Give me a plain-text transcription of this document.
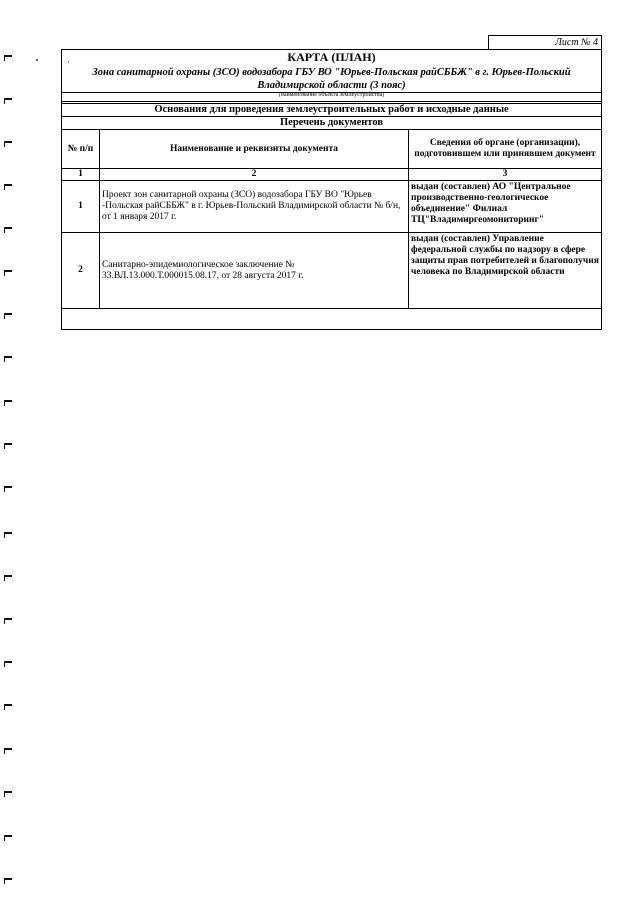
Лист № 4
·	КАРТА (ПЛАН)
Зона санитарной охраны (ЗСО) водозабора ГБУ ВО "Юрьев-Польская райСББЖ" в г. Юрьев-Польский Владимирской области (3 пояс)
(наименование объекта землеустройства)
Основания для проведения землеустроительных работ и исходные данные
Перечень документов
№ п/п	Наименование и реквизиты документа	Сведения об органе (организации), подготовившем или принявшем документ
1	2	3
1	Проект зон санитарной охраны (ЗСО) водозабора ГБУ ВО "Юрьев -Польская райСББЖ" в г. Юрьев-Польский Владимирской области № б/н, от 1 января 2017 г.	выдан (составлен) АО "Центральное производственно-геологическое объединение" Филиал ТЦ"Владимиргеомониторинг"
2	Санитарно-эпидемиологическое заключение № 33.ВЛ.13.000.Т.000015.08.17, от 28 августа 2017 г.	выдан (составлен) Управление федеральной службы по надзору в сфере защиты прав потребителей и благополучия человека по Владимирской области
